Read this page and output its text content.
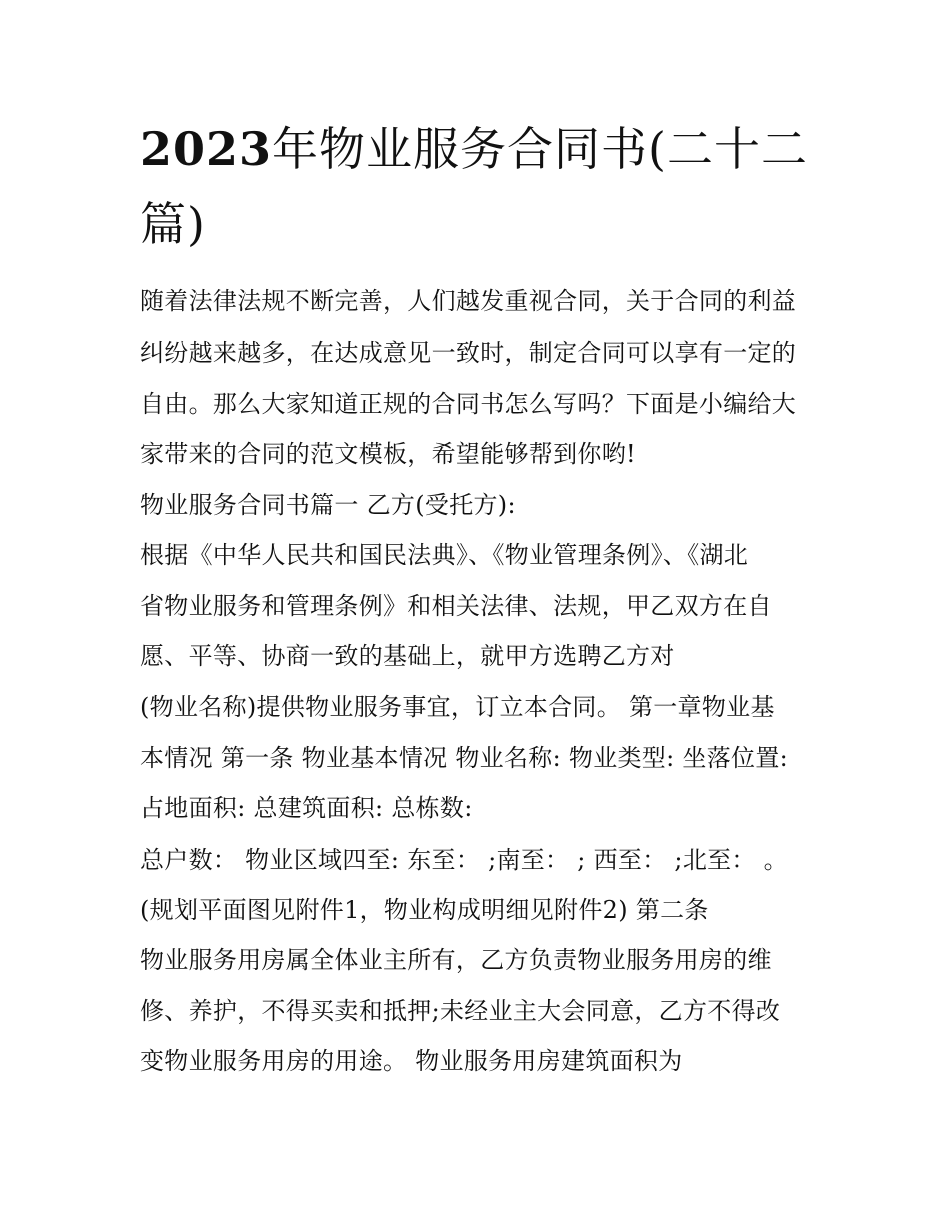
2023年物业服务合同书(二十二篇)

随着法律法规不断完善，人们越发重视合同，关于合同的利益

纠纷越来越多，在达成意见一致时，制定合同可以享有一定的

自由。那么大家知道正规的合同书怎么写吗？下面是小编给大

家带来的合同的范文模板，希望能够帮到你哟!

物业服务合同书篇一 乙方(受托方):

根据《中华人民共和国民法典》、《物业管理条例》、《湖北

省物业服务和管理条例》和相关法律、法规，甲乙双方在自

愿、平等、协商一致的基础上，就甲方选聘乙方对

(物业名称)提供物业服务事宜，订立本合同。 第一章物业基

本情况 第一条 物业基本情况 物业名称: 物业类型: 坐落位置:

占地面积: 总建筑面积: 总栋数:

总户数： 物业区域四至: 东至： ;南至： ; 西至： ;北至： 。

(规划平面图见附件1，物业构成明细见附件2) 第二条

物业服务用房属全体业主所有，乙方负责物业服务用房的维

修、养护，不得买卖和抵押;未经业主大会同意，乙方不得改

变物业服务用房的用途。 物业服务用房建筑面积为
